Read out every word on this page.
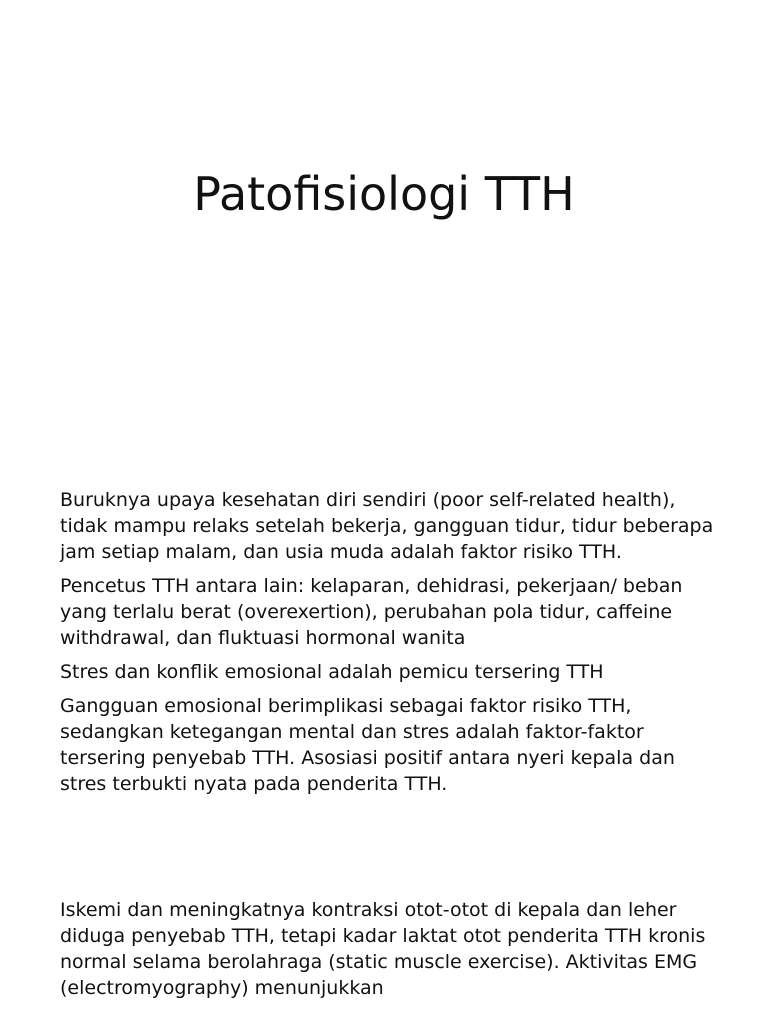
Patofisiologi TTH

Buruknya upaya kesehatan diri sendiri (poor self-related health), tidak mampu relaks setelah bekerja, gangguan tidur, tidur beberapa jam setiap malam, dan usia muda adalah faktor risiko TTH.

Pencetus TTH antara lain: kelaparan, dehidrasi, pekerjaan/ beban yang terlalu berat (overexertion), perubahan pola tidur, caffeine withdrawal, dan fluktuasi hormonal wanita

Stres dan konflik emosional adalah pemicu tersering TTH

Gangguan emosional berimplikasi sebagai faktor risiko TTH, sedangkan ketegangan mental dan stres adalah faktor-faktor tersering penyebab TTH. Asosiasi positif antara nyeri kepala dan stres terbukti nyata pada penderita TTH.

Iskemi dan meningkatnya kontraksi otot-otot di kepala dan leher diduga penyebab TTH, tetapi kadar laktat otot penderita TTH kronis normal selama berolahraga (static muscle exercise). Aktivitas EMG (electromyography) menunjukkan
